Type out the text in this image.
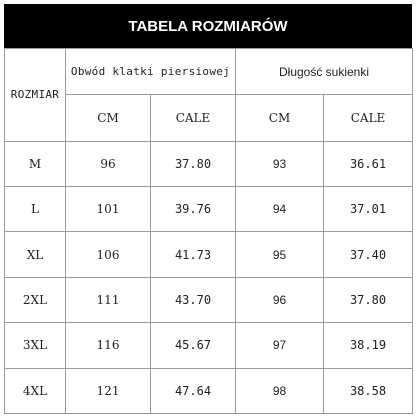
TABELA ROZMIARÓW
ROZMIAR	Obwód klatki piersiowej		Długość sukienki	
	CM	CALE	CM	CALE
M	96	37.80	93	36.61
L	101	39.76	94	37.01
XL	106	41.73	95	37.40
2XL	111	43.70	96	37.80
3XL	116	45.67	97	38.19
4XL	121	47.64	98	38.58
